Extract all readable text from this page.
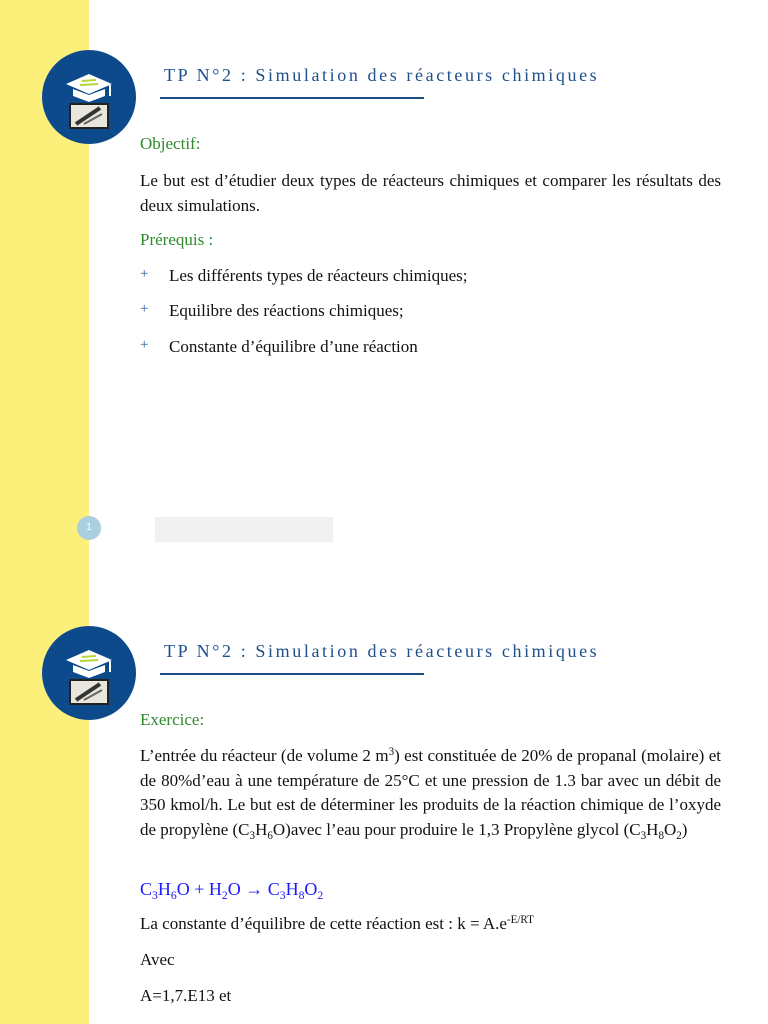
TP N°2 : Simulation des réacteurs chimiques
Objectif:
Le but est d’étudier deux types de réacteurs chimiques et comparer les résultats des deux simulations.
Prérequis :
+ Les différents types de réacteurs chimiques;
+ Equilibre des réactions chimiques;
+ Constante d’équilibre d’une réaction
1
TP N°2 : Simulation des réacteurs chimiques
Exercice:
L’entrée du réacteur (de volume 2 $m^3$) est constituée de 20% de propanal (molaire) et de 80%d’eau à une température de 25°C et une pression de 1.3 bar avec un débit de 350 kmol/h. Le but est de déterminer les produits de la réaction chimique de l’oxyde de propylène $(C_3H_6O)avec$ l’eau pour produire le 1,3 Propylène glycol $(C_3H_8O_2)$
$C_3H_6O + H_2O \to C_3H_8O_2$
La constante d’équilibre de cette réaction est : $k = A.e^{-E/RT}$
Avec
A=1,7.E13 et
